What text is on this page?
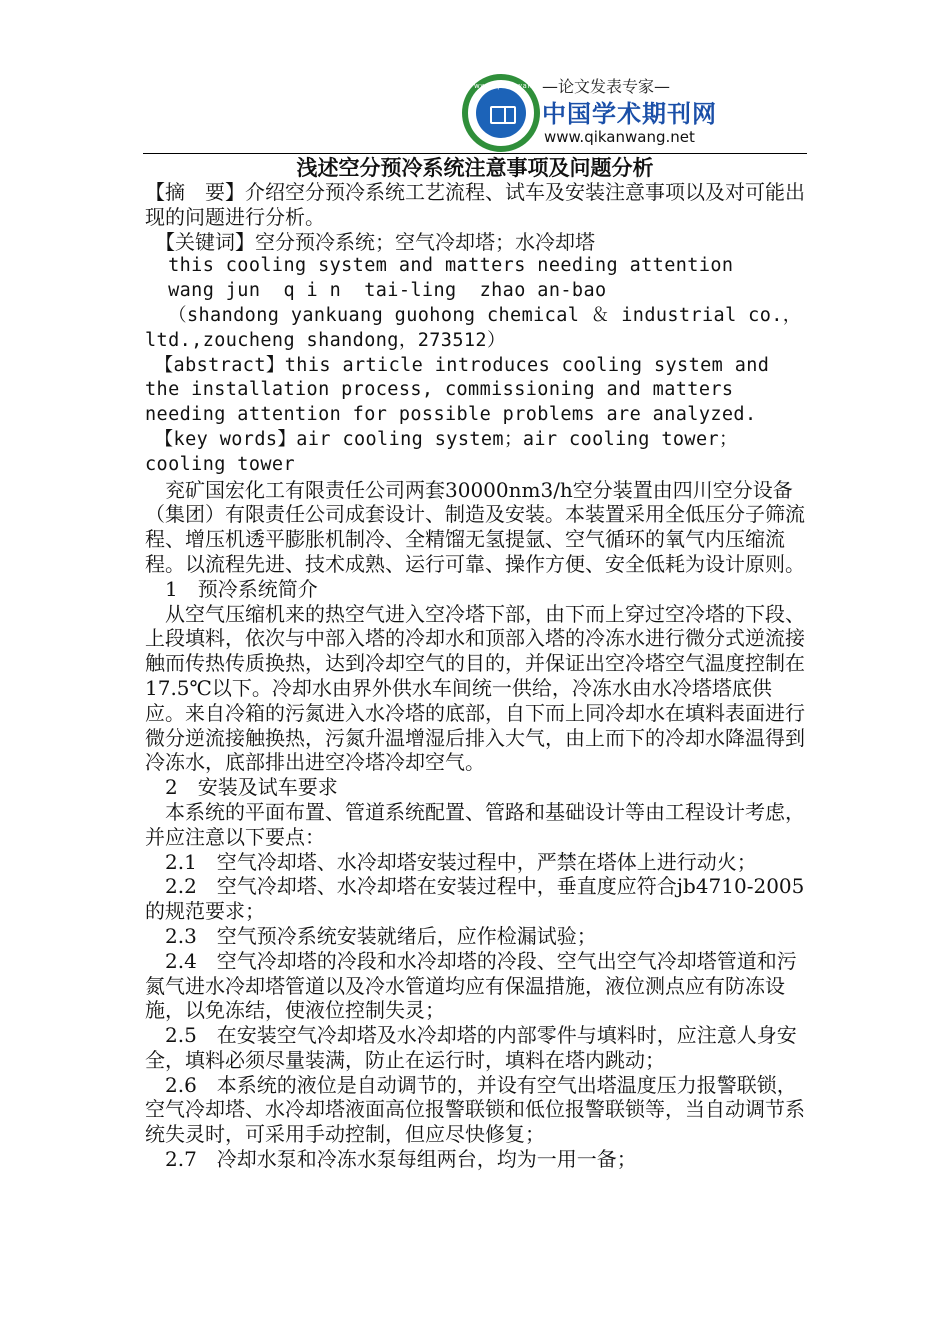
www.qikanwang.net
—论文发表专家—
中国学术期刊网
www.qikanwang.net
浅述空分预冷系统注意事项及问题分析

【摘　要】介绍空分预冷系统工艺流程、试车及安装注意事项以及对可能出现的问题进行分析。

　【关键词】空分预冷系统；空气冷却塔；水冷却塔

this cooling system and matters needing attention

wang jun  q i n  tai-ling  zhao an-bao

（shandong yankuang guohong chemical ＆ industrial co.，ltd.,zoucheng shandong，273512）

　【abstract】this article introduces cooling system and the installation process, commissioning and matters needing attention for possible problems are analyzed.

　【key words】air cooling system；air cooling tower；cooling tower

　兖矿国宏化工有限责任公司两套30000nm3/h空分装置由四川空分设备（集团）有限责任公司成套设计、制造及安装。本装置采用全低压分子筛流程、增压机透平膨胀机制冷、全精馏无氢提氩、空气循环的氧气内压缩流程。以流程先进、技术成熟、运行可靠、操作方便、安全低耗为设计原则。

　1　预冷系统简介

　从空气压缩机来的热空气进入空冷塔下部，由下而上穿过空冷塔的下段、上段填料，依次与中部入塔的冷却水和顶部入塔的冷冻水进行微分式逆流接触而传热传质换热，达到冷却空气的目的，并保证出空冷塔空气温度控制在17.5℃以下。冷却水由界外供水车间统一供给，冷冻水由水冷塔塔底供应。来自冷箱的污氮进入水冷塔的底部，自下而上同冷却水在填料表面进行微分逆流接触换热，污氮升温增湿后排入大气，由上而下的冷却水降温得到冷冻水，底部排出进空冷塔冷却空气。

　2　安装及试车要求

　本系统的平面布置、管道系统配置、管路和基础设计等由工程设计考虑，并应注意以下要点：

　2.1　空气冷却塔、水冷却塔安装过程中，严禁在塔体上进行动火；

　2.2　空气冷却塔、水冷却塔在安装过程中，垂直度应符合jb4710-2005的规范要求；

　2.3　空气预冷系统安装就绪后，应作检漏试验；

　2.4　空气冷却塔的冷段和水冷却塔的冷段、空气出空气冷却塔管道和污氮气进水冷却塔管道以及冷水管道均应有保温措施，液位测点应有防冻设施，以免冻结，使液位控制失灵；

　2.5　在安装空气冷却塔及水冷却塔的内部零件与填料时，应注意人身安全，填料必须尽量装满，防止在运行时，填料在塔内跳动；

　2.6　本系统的液位是自动调节的，并设有空气出塔温度压力报警联锁，空气冷却塔、水冷却塔液面高位报警联锁和低位报警联锁等，当自动调节系统失灵时，可采用手动控制，但应尽快修复；

　2.7　冷却水泵和冷冻水泵每组两台，均为一用一备；
